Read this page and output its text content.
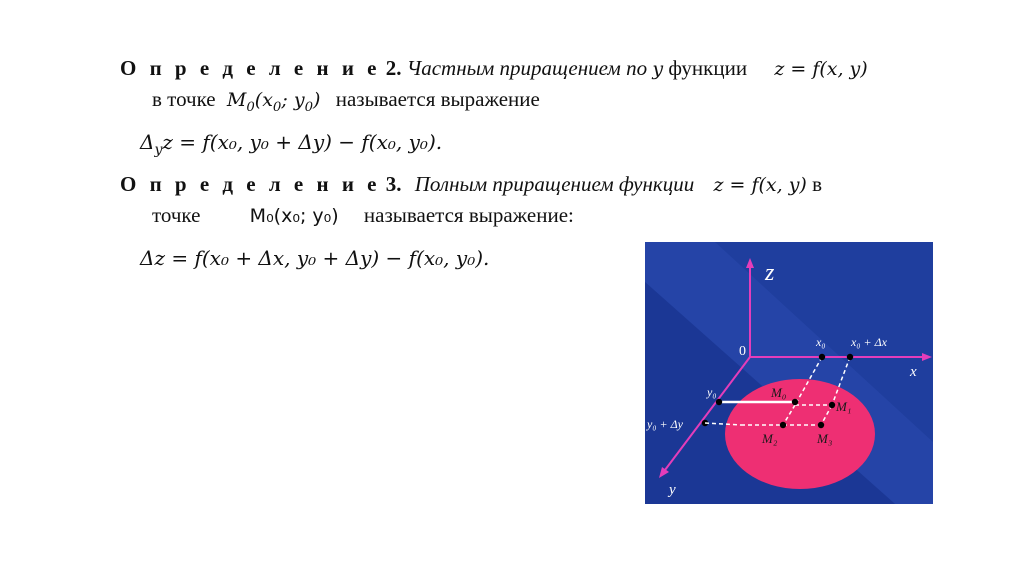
О п р е д е л е н и е 2. Частным приращением по y функции z = f(x, y)
в точке $M_0(x_0$; $y_0$) называется выражение
$\Delta_yz = f(x_0$, y₀ + Δy) − f(x₀, y₀).
О п р е д е л е н и е 3. Полным приращением функции z = f(x, y) в
точке	M₀(x₀; y₀) называется выражение:
Δz = f(x₀ + Δx, y₀ + Δy) − f(x₀, y₀).
z
0
x
y
x₀ x₀ + Δx
y₀
y₀ + Δy
M₀
M₁
M₂	M₃
